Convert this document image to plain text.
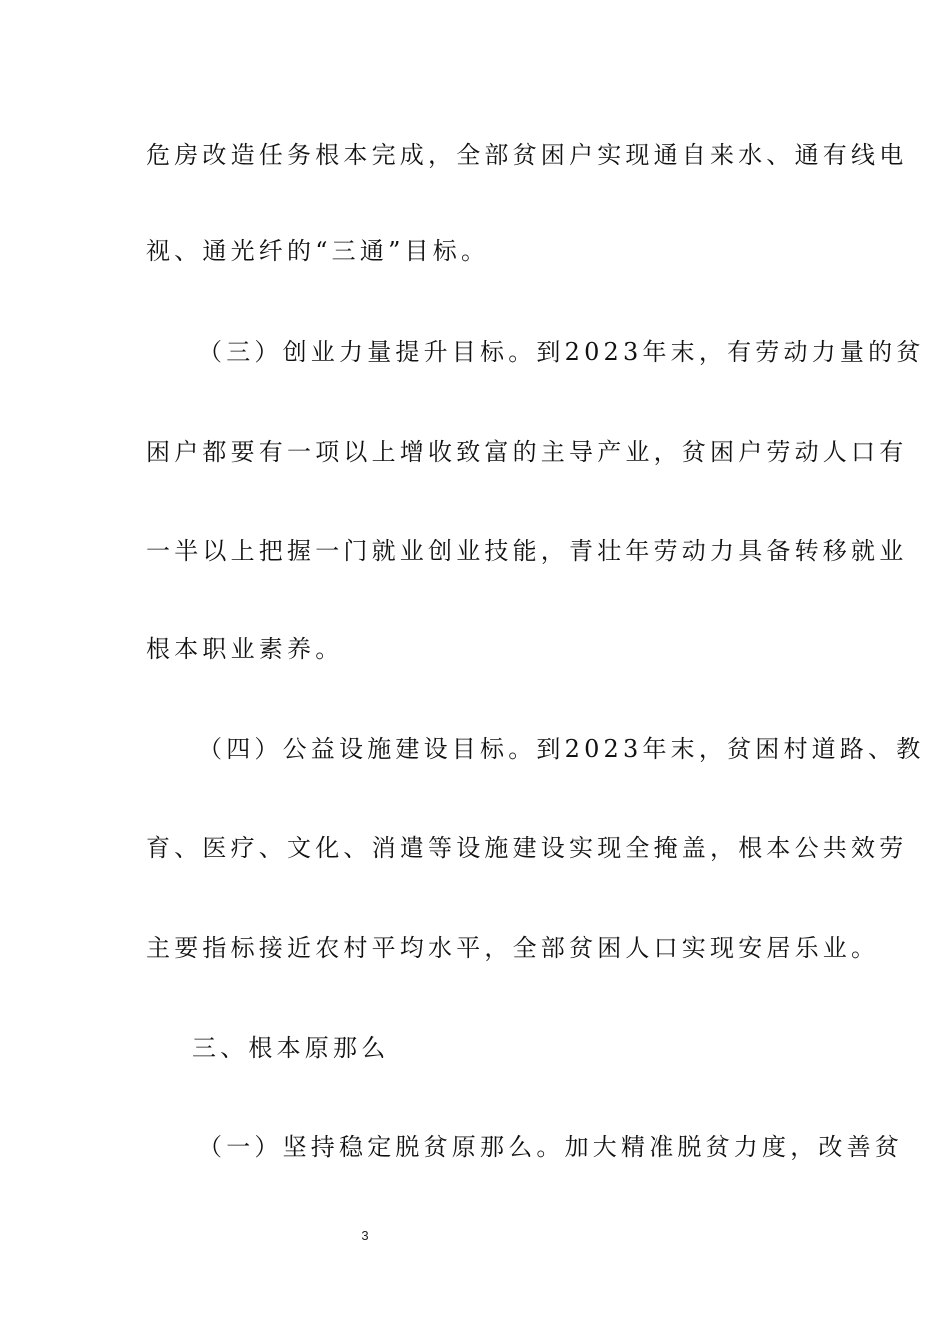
危房改造任务根本完成，全部贫困户实现通自来水、通有线电
视、通光纤的“三通”目标。
（三）创业力量提升目标。到2023年末，有劳动力量的贫
困户都要有一项以上增收致富的主导产业，贫困户劳动人口有
一半以上把握一门就业创业技能，青壮年劳动力具备转移就业
根本职业素养。
（四）公益设施建设目标。到2023年末，贫困村道路、教
育、医疗、文化、消遣等设施建设实现全掩盖，根本公共效劳
主要指标接近农村平均水平，全部贫困人口实现安居乐业。
三、根本原那么
（一）坚持稳定脱贫原那么。加大精准脱贫力度，改善贫
3
